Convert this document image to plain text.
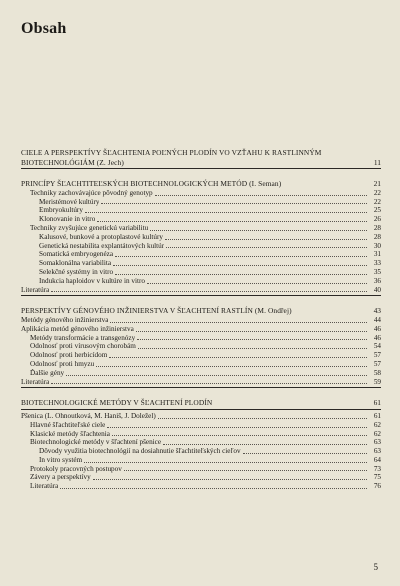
Obsah
CIELE A PERSPEKTÍVY ŠĽACHTENIA POĽNÝCH PLODÍN VO VZŤAHU K RASTLINNÝM BIOTECHNOLÓGIÁM (Z. Jech)	11
PRINCÍPY ŠĽACHTITEĽSKÝCH BIOTECHNOLOGICKÝCH METÓD (I. Seman)	21
Techniky zachovávajúce pôvodný genotyp	22
Meristémové kultúry	22
Embryokultúry	25
Klonovanie in vitro	26
Techniky zvyšujúce genetickú variabilitu	28
Kalusové, bunkové a protoplastové kultúry	28
Genetická nestabilita explantátových kultúr	30
Somatická embryogenéza	31
Somaklonálna variabilita	33
Selekčné systémy in vitro	35
Indukcia haploidov v kultúre in vitro	36
Literatúra	40
PERSPEKTÍVY GÉNOVÉHO INŽINIERSTVA V ŠĽACHTENÍ RASTLÍN (M. Ondřej)	43
Metódy génového inžinierstva	44
Aplikácia metód génového inžinierstva	46
Metódy transformácie a transgenózy	46
Odolnosť proti vírusovým chorobám	54
Odolnosť proti herbicídom	57
Odolnosť proti hmyzu	57
Ďalšie gény	58
Literatúra	59
BIOTECHNOLOGICKÉ METÓDY V ŠĽACHTENÍ PLODÍN	61
Pšenica (L. Ohnoutková, M. Haniš, J. Doležel)	61
Hlavné šľachtiteľské ciele	62
Klasické metódy šľachtenia	62
Biotechnologické metódy v šľachtení pšenice	63
Dôvody využitia biotechnológií na dosiahnutie šľachtiteľských cieľov	63
In vitro systém	64
Protokoly pracovných postupov	73
Závery a perspektívy	75
Literatúra	76
5
